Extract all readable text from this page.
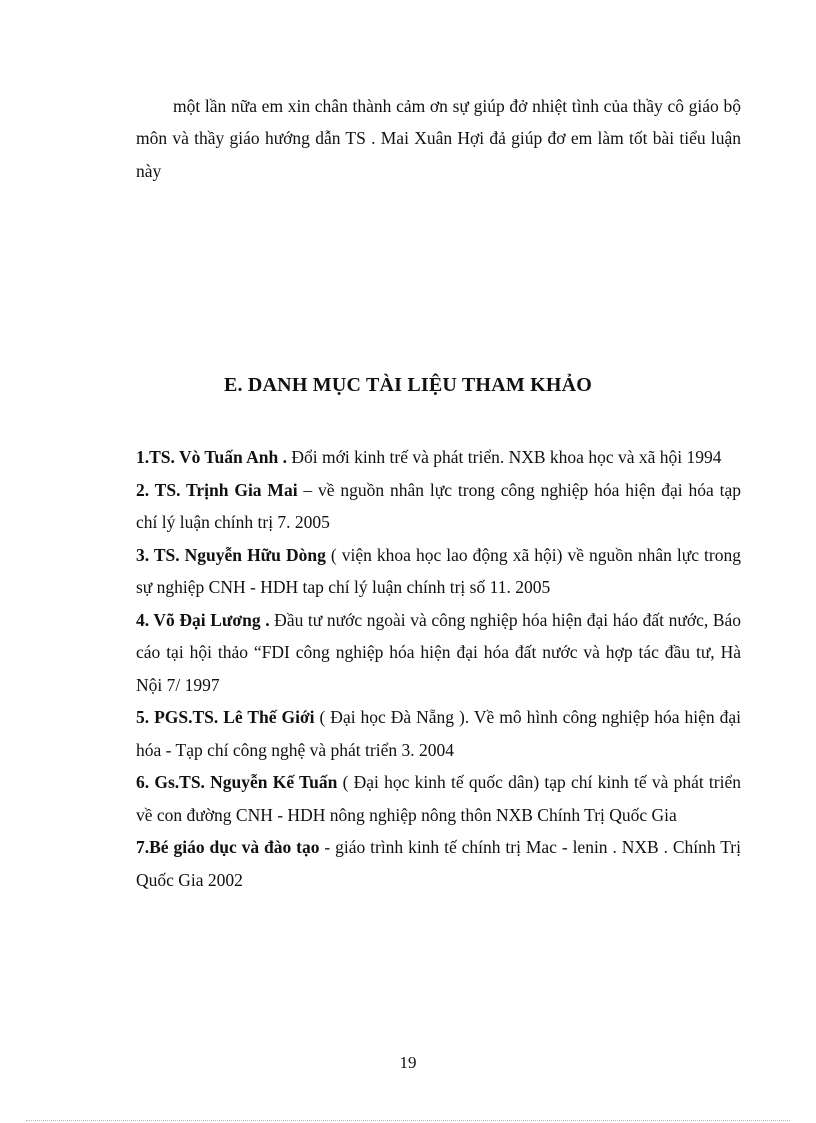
một lần nữa em xin chân thành cảm ơn sự giúp đở nhiệt tình của thầy cô giáo bộ môn và thầy giáo hướng dẫn TS . Mai Xuân Hợi đả giúp đơ em làm tốt bài tiểu luận này

E. DANH MỤC TÀI LIỆU THAM KHẢO
1.TS. Vò Tuấn Anh . Đổi mới kinh trế và phát triển. NXB khoa học và xã hội 1994
2. TS. Trịnh Gia Mai – về nguồn nhân lực trong công nghiệp hóa hiện đại hóa tạp chí lý luận chính trị 7. 2005
3. TS. Nguyễn Hữu Dòng ( viện khoa học lao động xã hội) về nguồn nhân lực trong sự nghiệp CNH - HDH tap chí lý luận chính trị số 11. 2005
4. Võ Đại Lương . Đầu tư nước ngoài và công nghiệp hóa hiện đại háo đất nước, Báo cáo tại hội thảo “FDI công nghiệp hóa hiện đại hóa đất nước và hợp tác đầu tư, Hà Nội 7/ 1997
5. PGS.TS. Lê Thế Giới ( Đại học Đà Nẵng ). Về mô hình công nghiệp hóa hiện đại hóa - Tạp chí công nghệ và phát triển 3. 2004
6. Gs.TS. Nguyễn Kế Tuấn ( Đại học kinh tế quốc dân) tạp chí kinh tế và phát triển về con đường CNH - HDH nông nghiệp nông thôn NXB Chính Trị Quốc Gia
7.Bé giáo dục và đào tạo - giáo trình kinh tế chính trị Mac - lenin . NXB . Chính Trị Quốc Gia 2002
19
